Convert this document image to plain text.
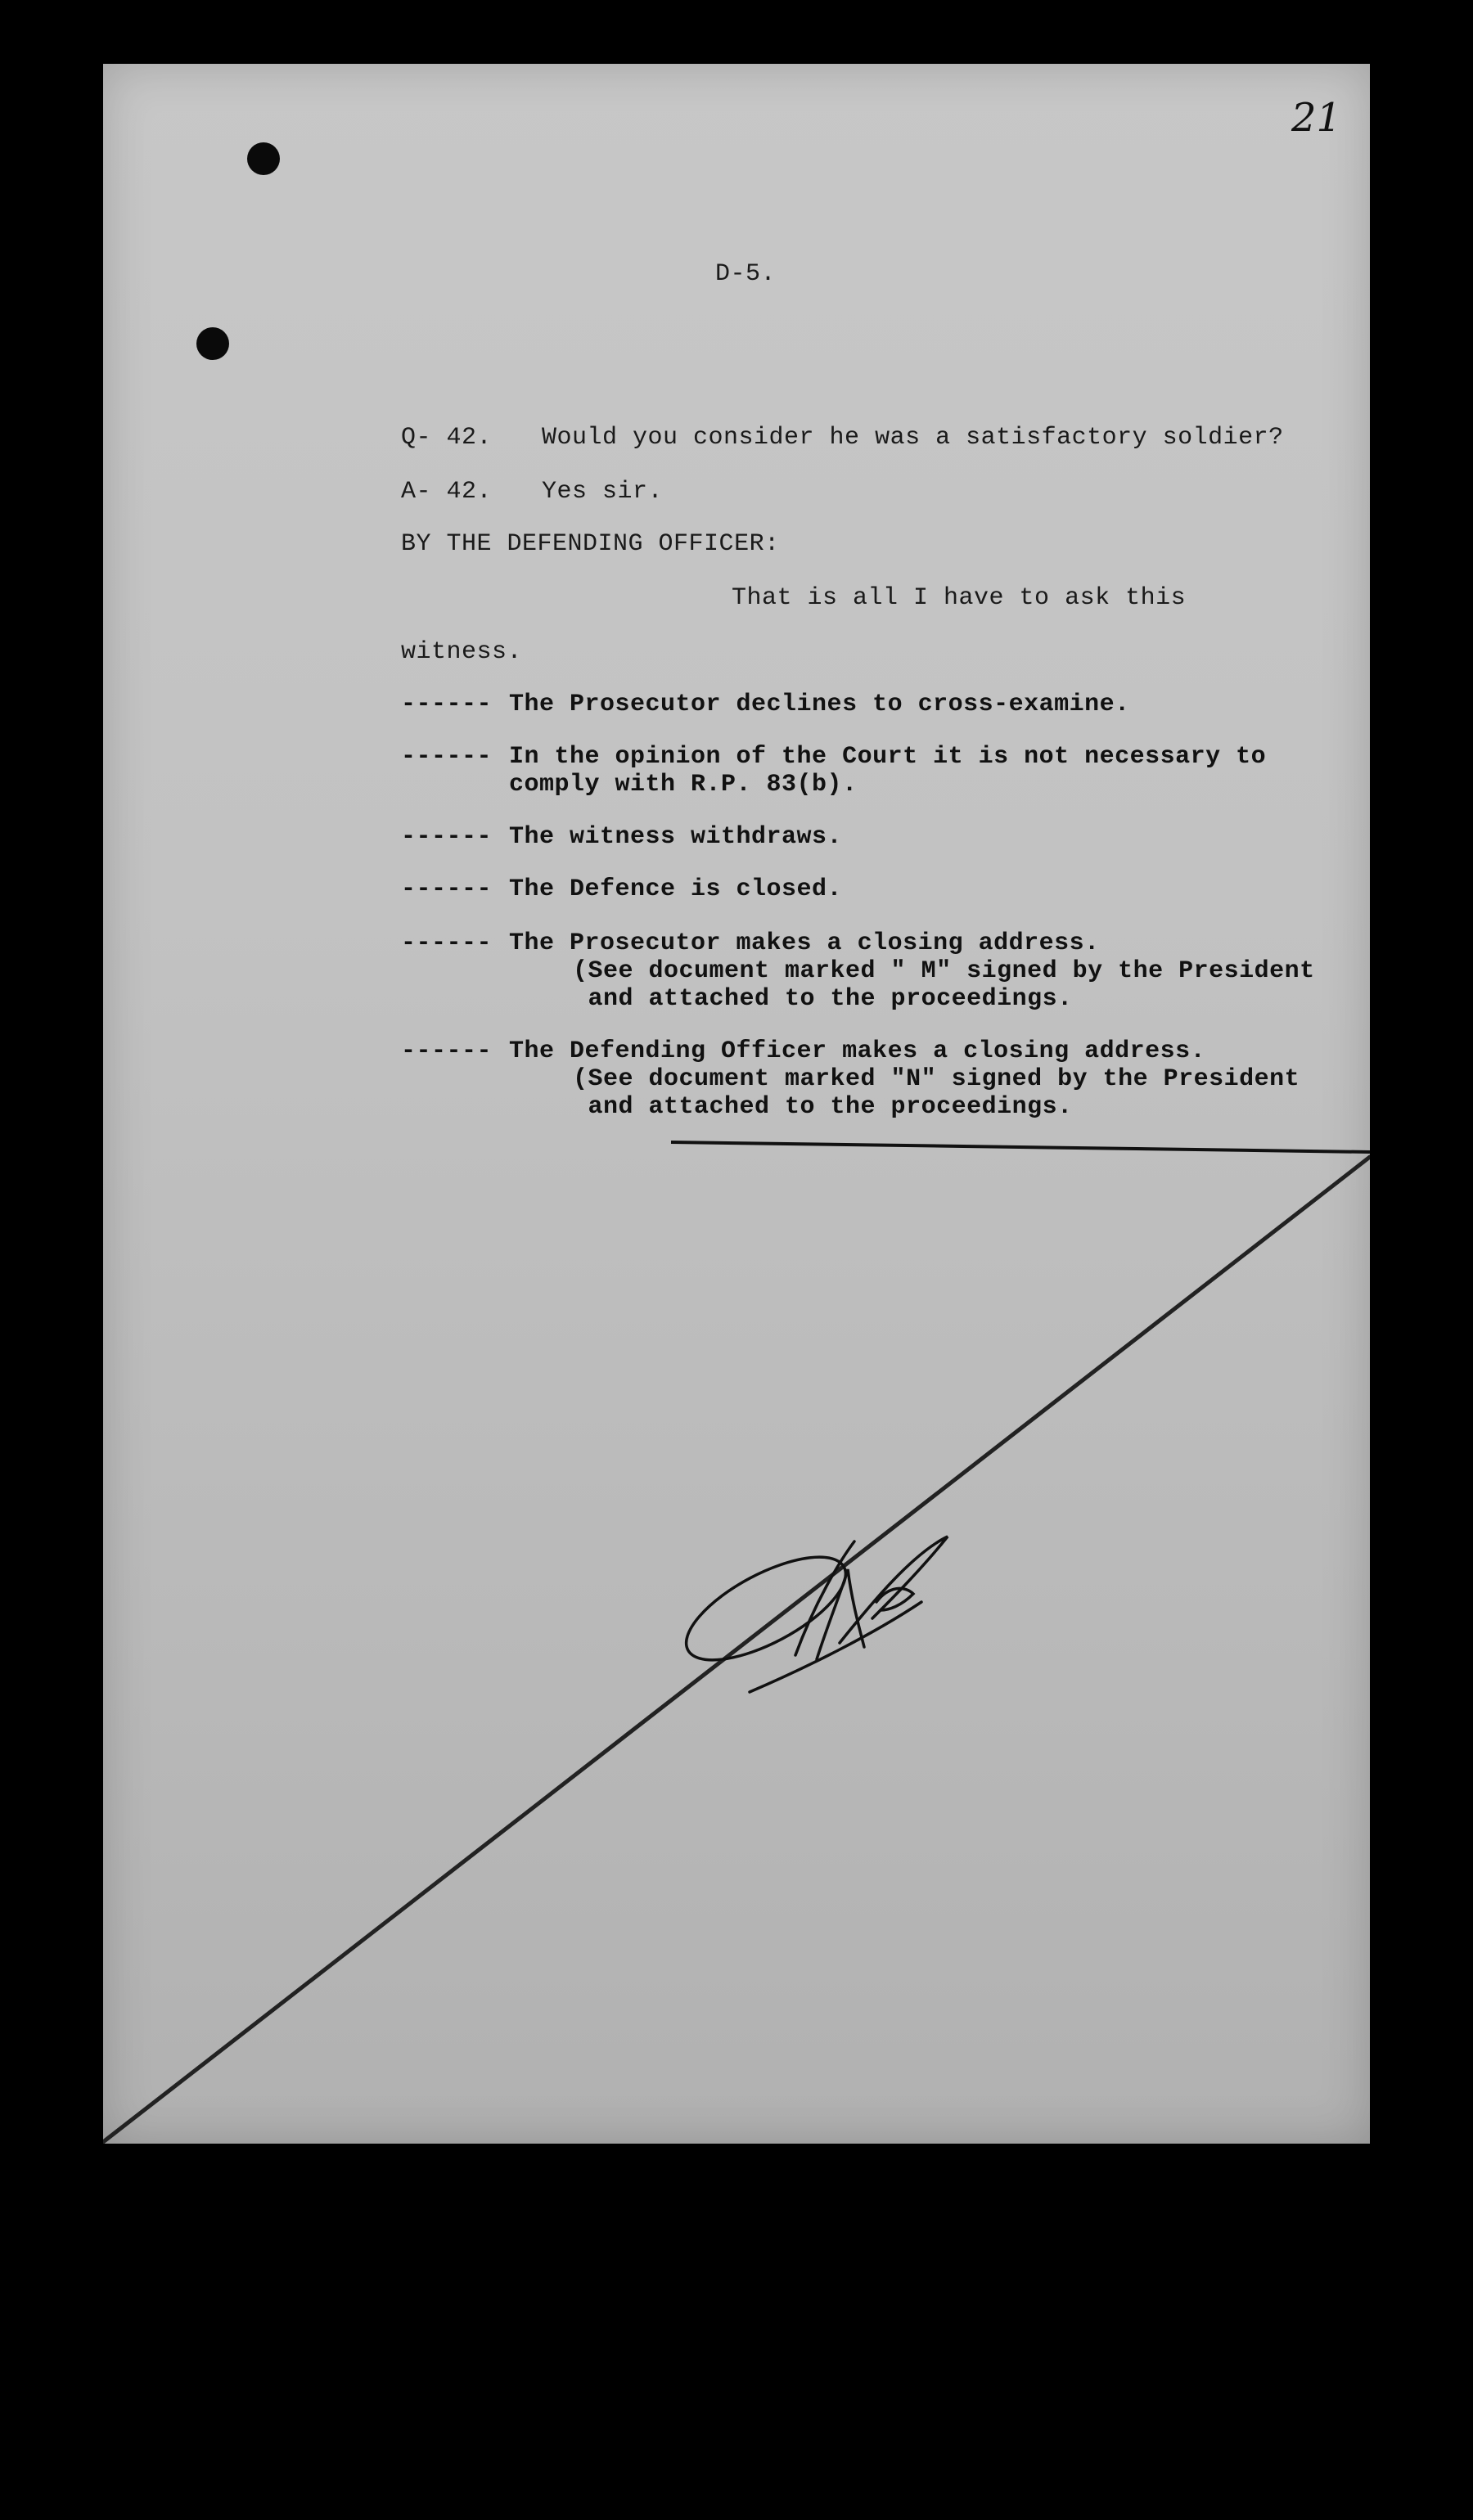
21
D-5.
Q- 42. Would you consider he was a satisfactory soldier?
A- 42. Yes sir.
BY THE DEFENDING OFFICER:
That is all I have to ask this
witness.
------ The Prosecutor declines to cross-examine.
------ In the opinion of the Court it is not necessary to
comply with R.P. 83(b).
------ The witness withdraws.
------ The Defence is closed.
------ The Prosecutor makes a closing address.
(See document marked " M" signed by the President
and attached to the proceedings.
------ The Defending Officer makes a closing address.
(See document marked "N" signed by the President
and attached to the proceedings.
